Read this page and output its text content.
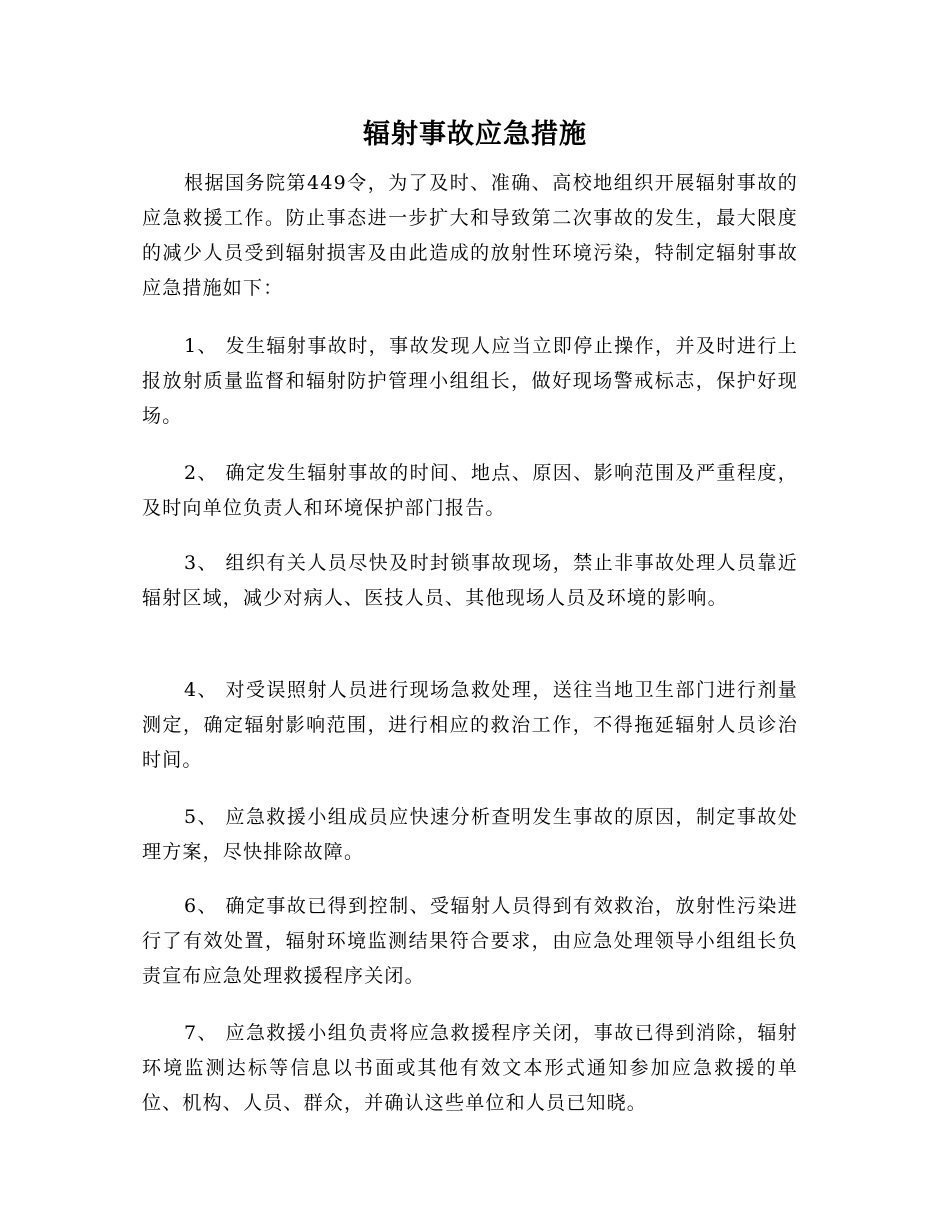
辐射事故应急措施

根据国务院第449令，为了及时、准确、高校地组织开展辐射事故的应急救援工作。防止事态进一步扩大和导致第二次事故的发生，最大限度的减少人员受到辐射损害及由此造成的放射性环境污染，特制定辐射事故应急措施如下：

1、 发生辐射事故时，事故发现人应当立即停止操作，并及时进行上报放射质量监督和辐射防护管理小组组长，做好现场警戒标志，保护好现场。

2、 确定发生辐射事故的时间、地点、原因、影响范围及严重程度，及时向单位负责人和环境保护部门报告。

3、 组织有关人员尽快及时封锁事故现场，禁止非事故处理人员靠近辐射区域，减少对病人、医技人员、其他现场人员及环境的影响。

4、 对受误照射人员进行现场急救处理，送往当地卫生部门进行剂量测定，确定辐射影响范围，进行相应的救治工作，不得拖延辐射人员诊治时间。

5、 应急救援小组成员应快速分析查明发生事故的原因，制定事故处理方案，尽快排除故障。

6、 确定事故已得到控制、受辐射人员得到有效救治，放射性污染进行了有效处置，辐射环境监测结果符合要求，由应急处理领导小组组长负责宣布应急处理救援程序关闭。

7、 应急救援小组负责将应急救援程序关闭，事故已得到消除，辐射环境监测达标等信息以书面或其他有效文本形式通知参加应急救援的单位、机构、人员、群众，并确认这些单位和人员已知晓。
